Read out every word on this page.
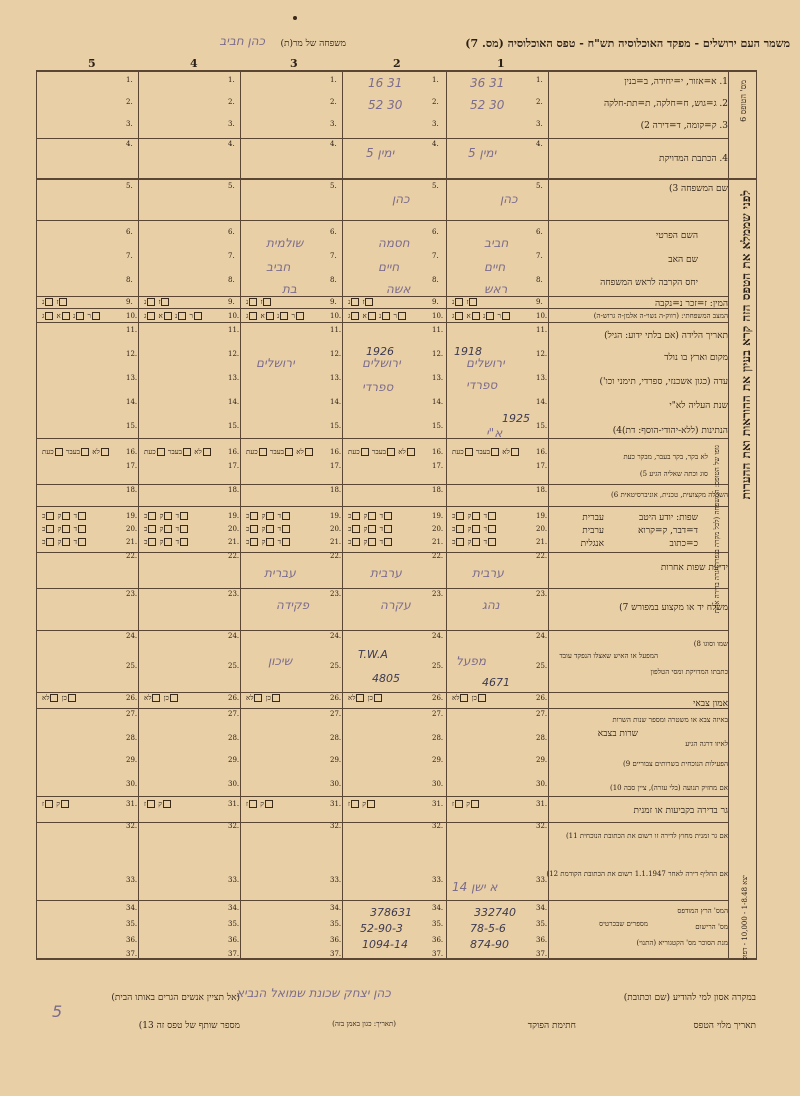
משמר העם ירושלים - מפקד האוכלוסיה תש"ח - טפס האוכלוסיה (מס. 7)
משפחה של מר(ת)
כהן חביב
1
2
3
4
5
מס' הטופס 6
לפני שממלא את הטפס הזה קרא בעיון את ההוראות ואת ההערות
גופו של הטופס: המשפחה (לכל מקרה בנפרד) גרה בדירה אחת
יצא 1-8.48 - 10,000 - דפוס
1. א=אזור, י=יחידה, ב=בנין
2. ג=גוש, ח=חלקה, ת=תת-חלקה
3. ק=קומה, ד=דירה 2)
4. הכתבת המדויקת
שם המשפחה 3)
השם הפרטי
שם האב
יחס הקרבה לראש המשפחה
המין: ז=זכר נ=נקבה
המצב המשפחתי: (רווק-ה נשוי-ה אלמן-ה גרוש-ה)
תאריך הלידה (אם בלתי ידוע: הגיל)
מקום וארץ בו נולד
עדה (כגון אשכנזי, ספרדי, תימני וכו')
שנת העליה לא"י
הנתינות (ללא-יהודי-הוסף: דת)4)
לא בקר, בקר בעבר, מבקר כעת
סוג וכתה שאליה הגיע 5)
השכלה מקצועית, טכנית, אוניברסיטאית 6)
שפות: יודע היטב
ד=דבר, ק=קרוא
כ=כתוב
עברית
ערבית
אנגלית
ידיעת שפות אחרות
משלח יד או מקצוע במפורש 7)
שמו וסוגו 8)
כתבתו המדויקת ומסי הטלפון
המפעל או האיש שאצלו הנפקד עובד
אמון צבאי
באיזה צבא או משטרה ומספר שנות השרות
לאיזו דרגה הגיע
שרות בצבא
הפעילות הנוכחית בשרותים צבוריים 9)
אם מחזיק תנועה (בלי עזרה), ציין סבה 10)
גר בדירה בקביעות או זמנית
אם גר זמנית מחוץ לדירה זו רשום את הכתובת הנוכחית 11)
אם החליף דירה לאחר 1.1.1947 רשום את הכתובת הקודמת 12)
המס' הרץ המודפס
מס' הרישום
מנת הסוכר מס' הקטגוריא (התנוי)
מספרים שבכרטיס
31 36
30 52
ימין 5
כהן
חביב
חיים
ראש
1918
ירושלים
ספרדי
1925
א"י
ערבית
נהג
מפעל
4671
א ישן 14
332740
78-5-6
874-90
31 16
30 52
ימין 5
כהן
חסמה
חיים
אשה
1926
ירושלים
ספרדי
ערבית
עקרה
T.W.A
4805
378631
52-90-3
1094-14
שולמית
חביב
בת
ירושלים
עברית
פקידה
שיכון
במקרה אסון למי להודיע (שם וכתובת)
(אל תציין אנשים הגרים באותו הבית)
כהן יצחק שכונת שמואל הנביא
תאריך מלוי הטפס
חתימת הפוקד
מספר שותף של טפס זה 13)
5
(תאריך: כגון באמן בזה)
1.
2.
3.
4.
5.
6.
7.
8.
9.
10.
11.
12.
13.
14.
15.
16.
17.
18.
19.
20.
21.
22.
23.
24.
25.
26.
27.
28.
29.
30.
31.
32.
33.
34.
35.
36.
37.
ז נ
ר נ א ג
לא בעבר כעת
ד ק כ
ד ק כ
ד ק כ
כן לא
ק ז
1.
2.
3.
4.
5.
6.
7.
8.
9.
10.
11.
12.
13.
14.
15.
16.
17.
18.
19.
20.
21.
22.
23.
24.
25.
26.
27.
28.
29.
30.
31.
32.
33.
34.
35.
36.
37.
ז נ
ר נ א ג
לא בעבר כעת
ד ק כ
ד ק כ
ד ק כ
כן לא
ק ז
1.
2.
3.
4.
5.
6.
7.
8.
9.
10.
11.
12.
13.
14.
15.
16.
17.
18.
19.
20.
21.
22.
23.
24.
25.
26.
27.
28.
29.
30.
31.
32.
33.
34.
35.
36.
37.
ז נ
ר נ א ג
לא בעבר כעת
ד ק כ
ד ק כ
ד ק כ
כן לא
ק ז
1.
2.
3.
4.
5.
6.
7.
8.
9.
10.
11.
12.
13.
14.
15.
16.
17.
18.
19.
20.
21.
22.
23.
24.
25.
26.
27.
28.
29.
30.
31.
32.
33.
34.
35.
36.
37.
ז נ
ר נ א ג
לא בעבר כעת
ד ק כ
ד ק כ
ד ק כ
כן לא
ק ז
1.
2.
3.
4.
5.
6.
7.
8.
9.
10.
11.
12.
13.
14.
15.
16.
17.
18.
19.
20.
21.
22.
23.
24.
25.
26.
27.
28.
29.
30.
31.
32.
33.
34.
35.
36.
37.
ז נ
ר נ א ג
לא בעבר כעת
ד ק כ
ד ק כ
ד ק כ
כן לא
ק ז
